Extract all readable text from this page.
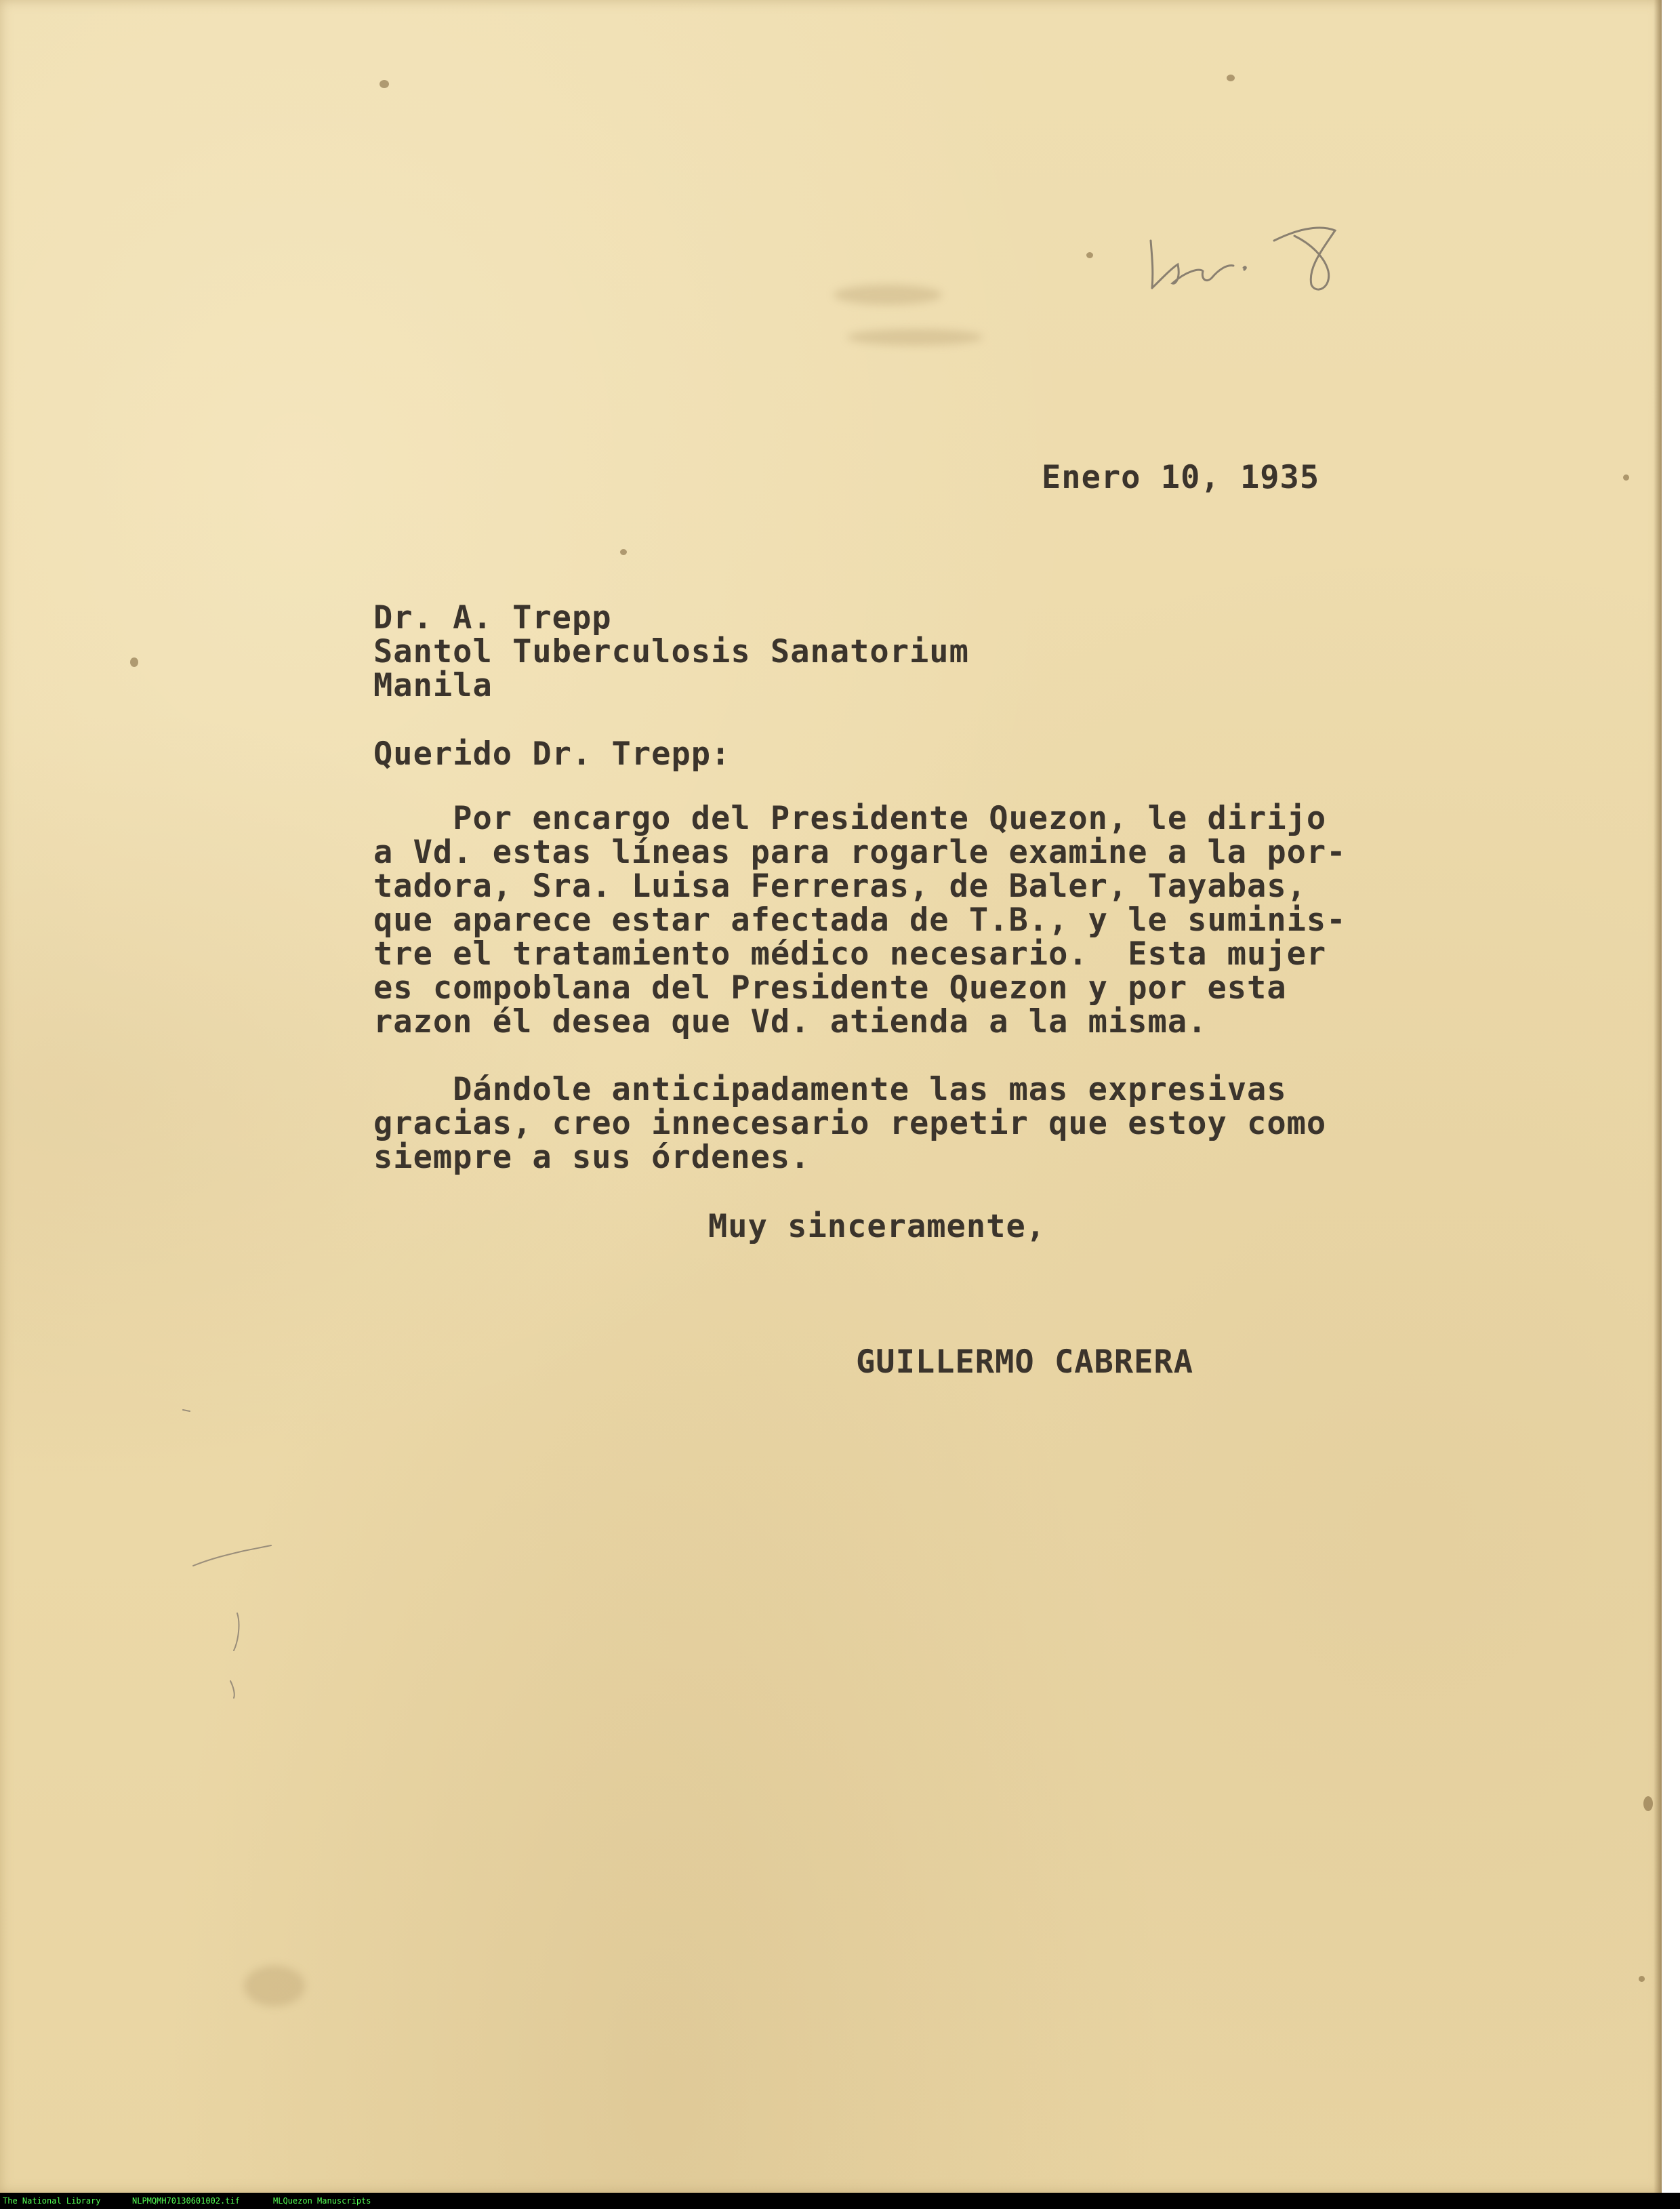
Enero 10, 1935
Dr. A. Trepp
Santol Tuberculosis Sanatorium
Manila
Querido Dr. Trepp:
Por encargo del Presidente Quezon, le dirijo
a Vd. estas líneas para rogarle examine a la por-
tadora, Sra. Luisa Ferreras, de Baler, Tayabas,
que aparece estar afectada de T.B., y le suminis-
tre el tratamiento médico necesario.  Esta mujer
es compoblana del Presidente Quezon y por esta
razon él desea que Vd. atienda a la misma.
Dándole anticipadamente las mas expresivas
gracias, creo innecesario repetir que estoy como
siempre a sus órdenes.
Muy sinceramente,
GUILLERMO CABRERA
The National Library	NLPMQMH70130601002.tif	MLQuezon Manuscripts
